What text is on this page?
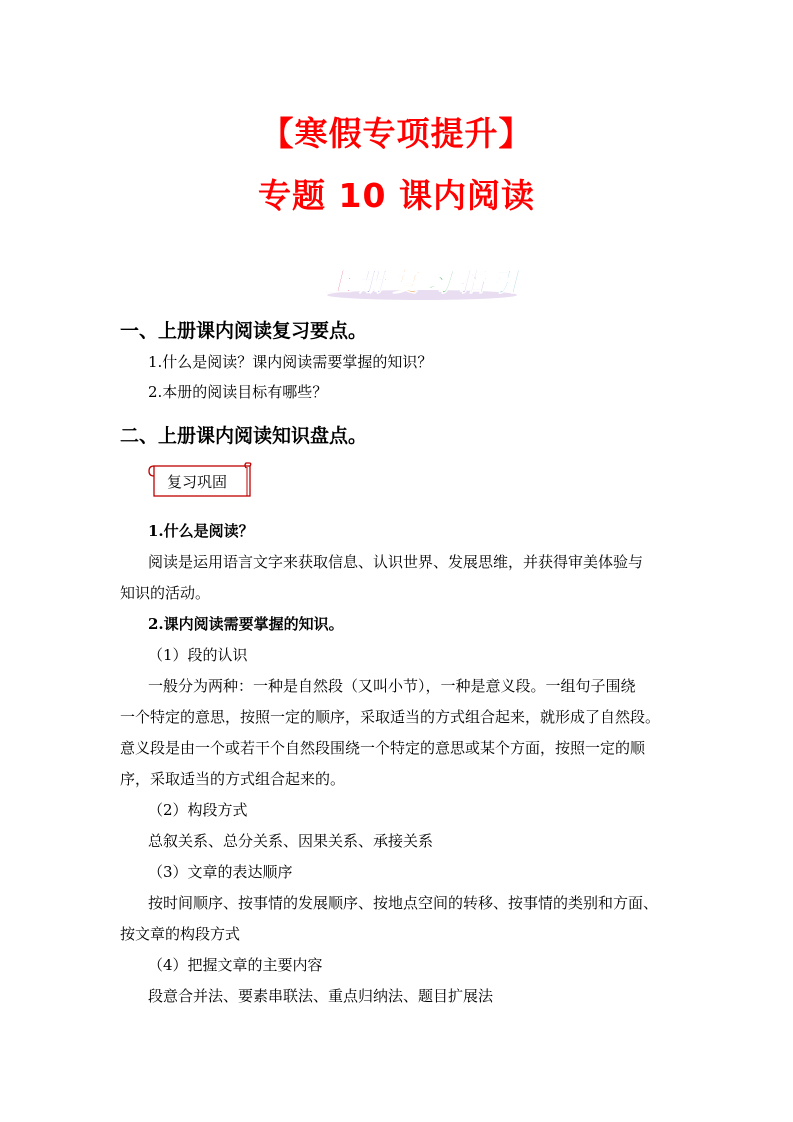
【寒假专项提升】
专题 10 课内阅读
上 册 复 习 指 引
一、上册课内阅读复习要点。
1.什么是阅读？课内阅读需要掌握的知识？
2.本册的阅读目标有哪些？
二、上册课内阅读知识盘点。
复习巩固
1.什么是阅读？
阅读是运用语言文字来获取信息、认识世界、发展思维，并获得审美体验与
知识的活动。
2.课内阅读需要掌握的知识。
（1）段的认识
一般分为两种：一种是自然段（又叫小节），一种是意义段。一组句子围绕
一个特定的意思，按照一定的顺序，采取适当的方式组合起来，就形成了自然段。
意义段是由一个或若干个自然段围绕一个特定的意思或某个方面，按照一定的顺
序，采取适当的方式组合起来的。
（2）构段方式
总叙关系、总分关系、因果关系、承接关系
（3）文章的表达顺序
按时间顺序、按事情的发展顺序、按地点空间的转移、按事情的类别和方面、
按文章的构段方式
（4）把握文章的主要内容
段意合并法、要素串联法、重点归纳法、题目扩展法
